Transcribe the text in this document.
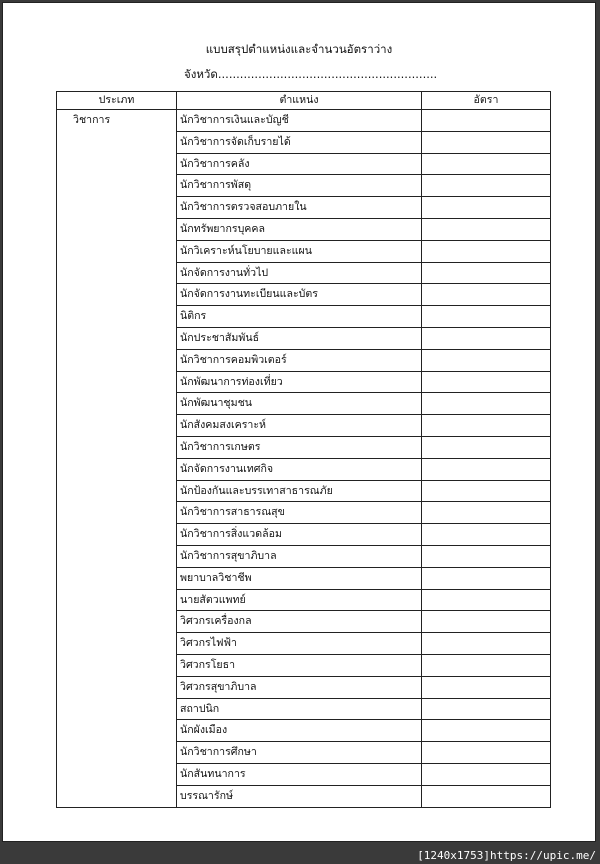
แบบสรุปตำแหน่งและจำนวนอัตราว่าง
จังหวัด............................................................
ประเภท	ตำแหน่ง	อัตรา
วิชาการ	นักวิชาการเงินและบัญชี	
	นักวิชาการจัดเก็บรายได้	
	นักวิชาการคลัง	
	นักวิชาการพัสดุ	
	นักวิชาการตรวจสอบภายใน	
	นักทรัพยากรบุคคล	
	นักวิเคราะห์นโยบายและแผน	
	นักจัดการงานทั่วไป	
	นักจัดการงานทะเบียนและบัตร	
	นิติกร	
	นักประชาสัมพันธ์	
	นักวิชาการคอมพิวเตอร์	
	นักพัฒนาการท่องเที่ยว	
	นักพัฒนาชุมชน	
	นักสังคมสงเคราะห์	
	นักวิชาการเกษตร	
	นักจัดการงานเทศกิจ	
	นักป้องกันและบรรเทาสาธารณภัย	
	นักวิชาการสาธารณสุข	
	นักวิชาการสิ่งแวดล้อม	
	นักวิชาการสุขาภิบาล	
	พยาบาลวิชาชีพ	
	นายสัตวแพทย์	
	วิศวกรเครื่องกล	
	วิศวกรไฟฟ้า	
	วิศวกรโยธา	
	วิศวกรสุขาภิบาล	
	สถาปนิก	
	นักผังเมือง	
	นักวิชาการศึกษา	
	นักสันทนาการ	
	บรรณารักษ์	
[1240x1753]https://upic.me/
